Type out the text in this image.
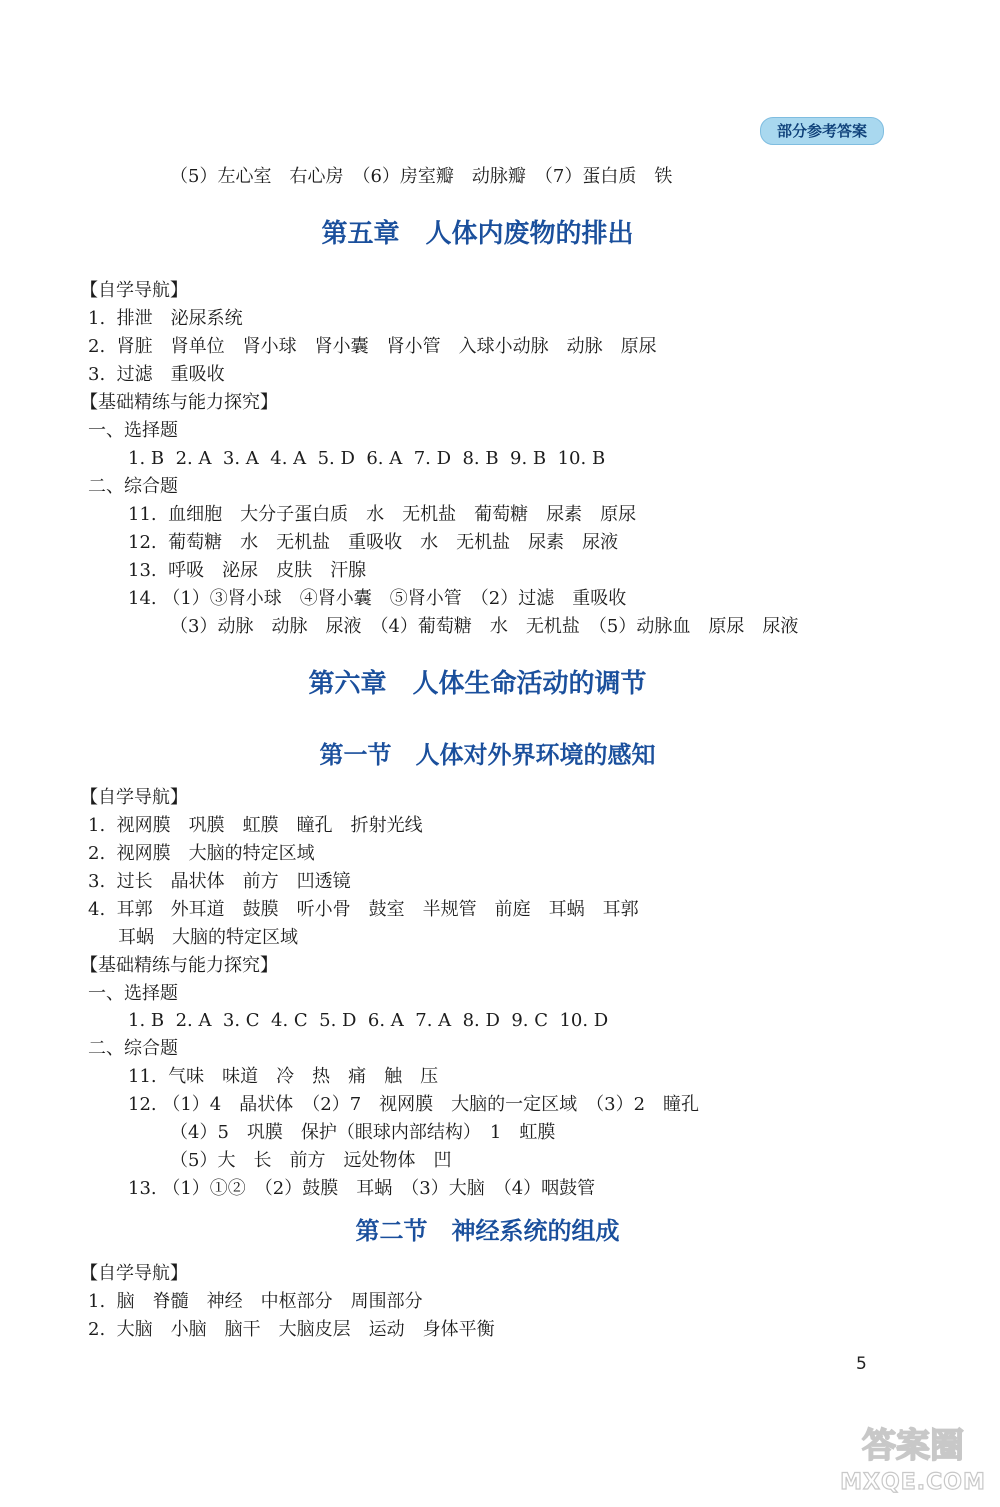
部分参考答案
（5）左心室　右心房　（6）房室瓣　动脉瓣　（7）蛋白质　铁
第五章　人体内废物的排出
【自学导航】
1.  排泄　泌尿系统
2.  肾脏　肾单位　肾小球　肾小囊　肾小管　入球小动脉　动脉　原尿
3.  过滤　重吸收
【基础精练与能力探究】
一、选择题
1. B  2. A  3. A  4. A  5. D  6. A  7. D  8. B  9. B  10. B
二、综合题
11.  血细胞　大分子蛋白质　水　无机盐　葡萄糖　尿素　原尿
12.  葡萄糖　水　无机盐　重吸收　水　无机盐　尿素　尿液
13.  呼吸　泌尿　皮肤　汗腺
14. （1）③肾小球　④肾小囊　⑤肾小管　（2）过滤　重吸收
（3）动脉　动脉　尿液　（4）葡萄糖　水　无机盐　（5）动脉血　原尿　尿液
第六章　人体生命活动的调节
第一节　人体对外界环境的感知
【自学导航】
1.  视网膜　巩膜　虹膜　瞳孔　折射光线
2.  视网膜　大脑的特定区域
3.  过长　晶状体　前方　凹透镜
4.  耳郭　外耳道　鼓膜　听小骨　鼓室　半规管　前庭　耳蜗　耳郭
耳蜗　大脑的特定区域
【基础精练与能力探究】
一、选择题
1. B  2. A  3. C  4. C  5. D  6. A  7. A  8. D  9. C  10. D
二、综合题
11.  气味　味道　冷　热　痛　触　压
12. （1）4　晶状体　（2）7　视网膜　大脑的一定区域　（3）2　瞳孔
（4）5　巩膜　保护（眼球内部结构）　1　虹膜
（5）大　长　前方　远处物体　凹
13. （1）①②　（2）鼓膜　耳蜗　（3）大脑　（4）咽鼓管
第二节　神经系统的组成
【自学导航】
1.  脑　脊髓　神经　中枢部分　周围部分
2.  大脑　小脑　脑干　大脑皮层　运动　身体平衡
5
答案圈
MXQE.COM
